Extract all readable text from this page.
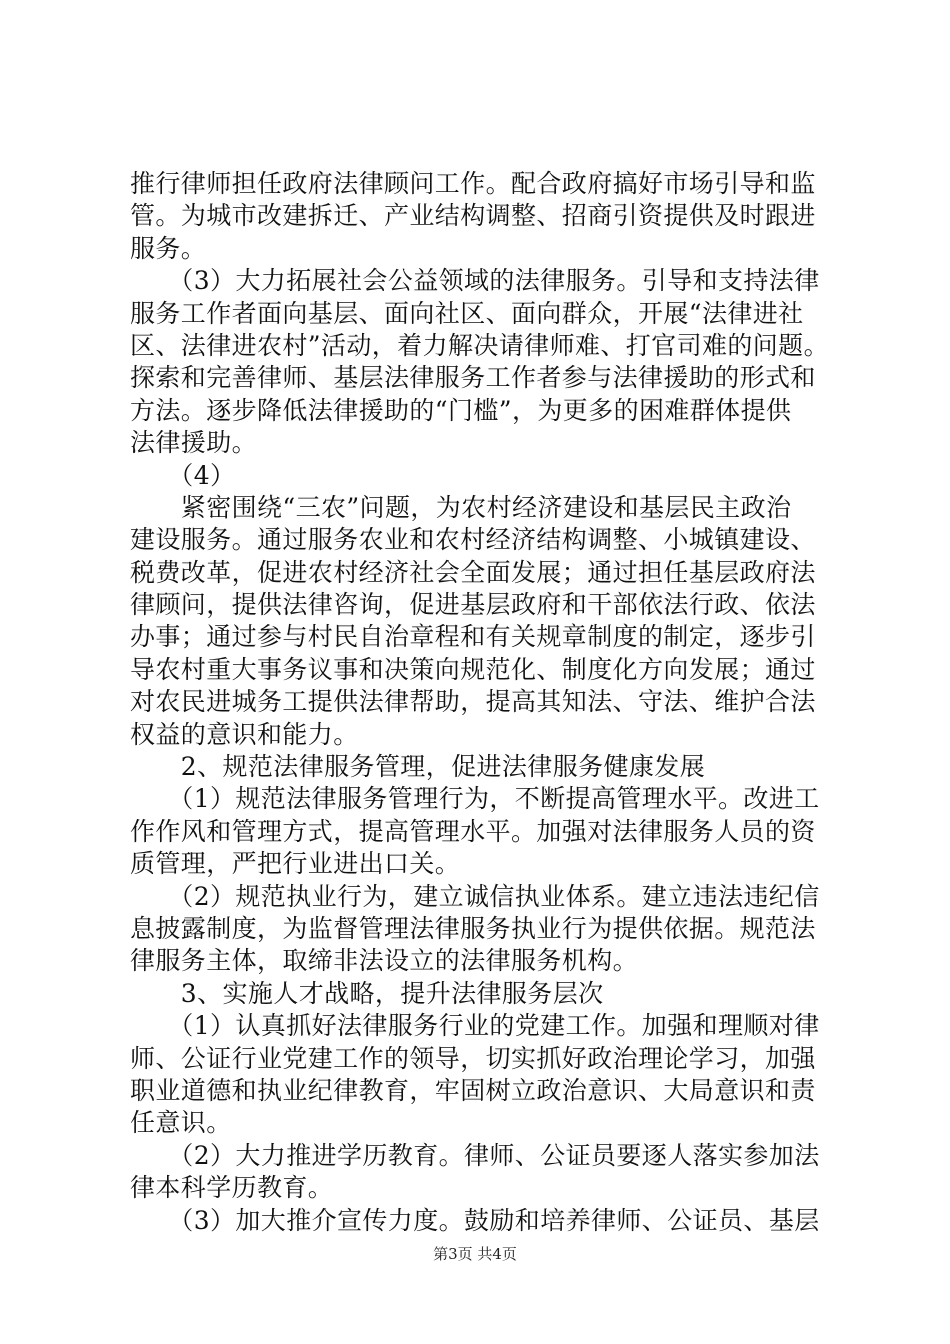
推行律师担任政府法律顾问工作。配合政府搞好市场引导和监
管。为城市改建拆迁、产业结构调整、招商引资提供及时跟进
服务。
　　（3）大力拓展社会公益领域的法律服务。引导和支持法律
服务工作者面向基层、面向社区、面向群众，开展“法律进社
区、法律进农村”活动，着力解决请律师难、打官司难的问题。
探索和完善律师、基层法律服务工作者参与法律援助的形式和
方法。逐步降低法律援助的“门槛”，为更多的困难群体提供
法律援助。
　　（4）
　　紧密围绕“三农”问题，为农村经济建设和基层民主政治
建设服务。通过服务农业和农村经济结构调整、小城镇建设、
税费改革，促进农村经济社会全面发展；通过担任基层政府法
律顾问，提供法律咨询，促进基层政府和干部依法行政、依法
办事；通过参与村民自治章程和有关规章制度的制定，逐步引
导农村重大事务议事和决策向规范化、制度化方向发展；通过
对农民进城务工提供法律帮助，提高其知法、守法、维护合法
权益的意识和能力。
　　2、规范法律服务管理，促进法律服务健康发展
　　（1）规范法律服务管理行为，不断提高管理水平。改进工
作作风和管理方式，提高管理水平。加强对法律服务人员的资
质管理，严把行业进出口关。
　　（2）规范执业行为，建立诚信执业体系。建立违法违纪信
息披露制度，为监督管理法律服务执业行为提供依据。规范法
律服务主体，取缔非法设立的法律服务机构。
　　3、实施人才战略，提升法律服务层次
　　（1）认真抓好法律服务行业的党建工作。加强和理顺对律
师、公证行业党建工作的领导，切实抓好政治理论学习，加强
职业道德和执业纪律教育，牢固树立政治意识、大局意识和责
任意识。
　　（2）大力推进学历教育。律师、公证员要逐人落实参加法
律本科学历教育。
　　（3）加大推介宣传力度。鼓励和培养律师、公证员、基层
第3页 共4页
